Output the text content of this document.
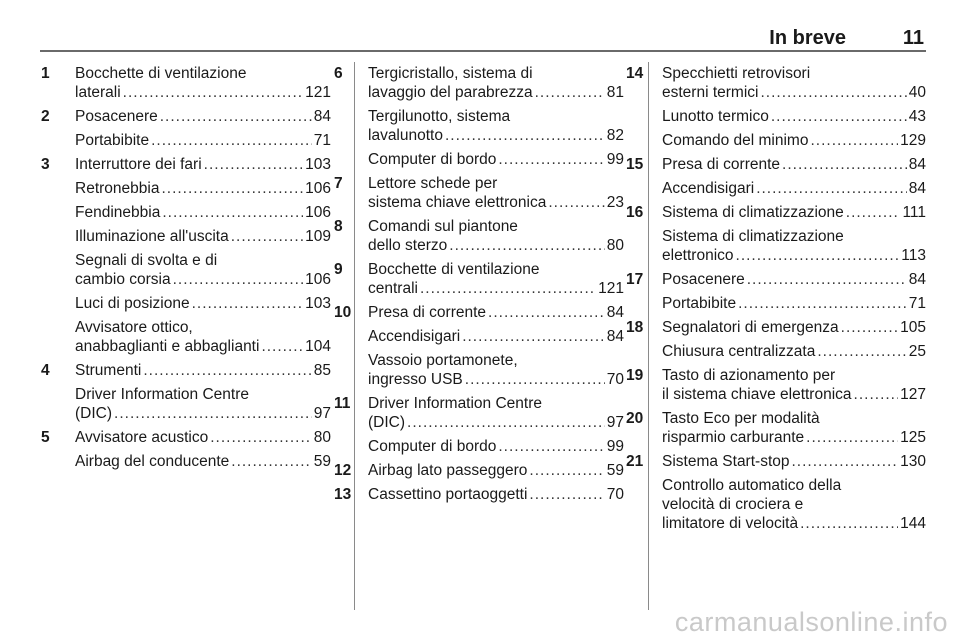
In breve	11
1 Bocchette di ventilazione
laterali .....	121
2 Posacenere .....	84
Portabibite .....	71
3 Interruttore dei fari .....	103
Retronebbia .....	106
Fendinebbia .....	106
Illuminazione all'uscita .....	109
Segnali di svolta e di
cambio corsia .....	106
Luci di posizione .....	103
Avvisatore ottico,
anabbaglianti e abbaglianti .....	104
4 Strumenti .....	85
Driver Information Centre
(DIC) .....	97
5 Avvisatore acustico .....	80
Airbag del conducente .....	59
6 Tergicristallo, sistema di
lavaggio del parabrezza .....	81
Tergilunotto, sistema
lavalunotto .....	82
Computer di bordo .....	99
7 Lettore schede per
sistema chiave elettronica .....	23
8 Comandi sul piantone
dello sterzo .....	80
9 Bocchette di ventilazione
centrali .....	121
10 Presa di corrente .....	84
Accendisigari .....	84
Vassoio portamonete,
ingresso USB .....	70
11 Driver Information Centre
(DIC) .....	97
Computer di bordo .....	99
12 Airbag lato passeggero .....	59
13 Cassettino portaoggetti .....	70
14 Specchietti retrovisori
esterni termici .....	40
Lunotto termico .....	43
Comando del minimo .....	129
15 Presa di corrente .....	84
Accendisigari .....	84
16 Sistema di climatizzazione .....	111
Sistema di climatizzazione
elettronico .....	113
17 Posacenere .....	84
Portabibite .....	71
18 Segnalatori di emergenza .....	105
Chiusura centralizzata .....	25
19 Tasto di azionamento per
il sistema chiave elettronica .....	127
20 Tasto Eco per modalità
risparmio carburante .....	125
21 Sistema Start-stop .....	130
Controllo automatico della
velocità di crociera e
limitatore di velocità .....	144
carmanualsonline.info
